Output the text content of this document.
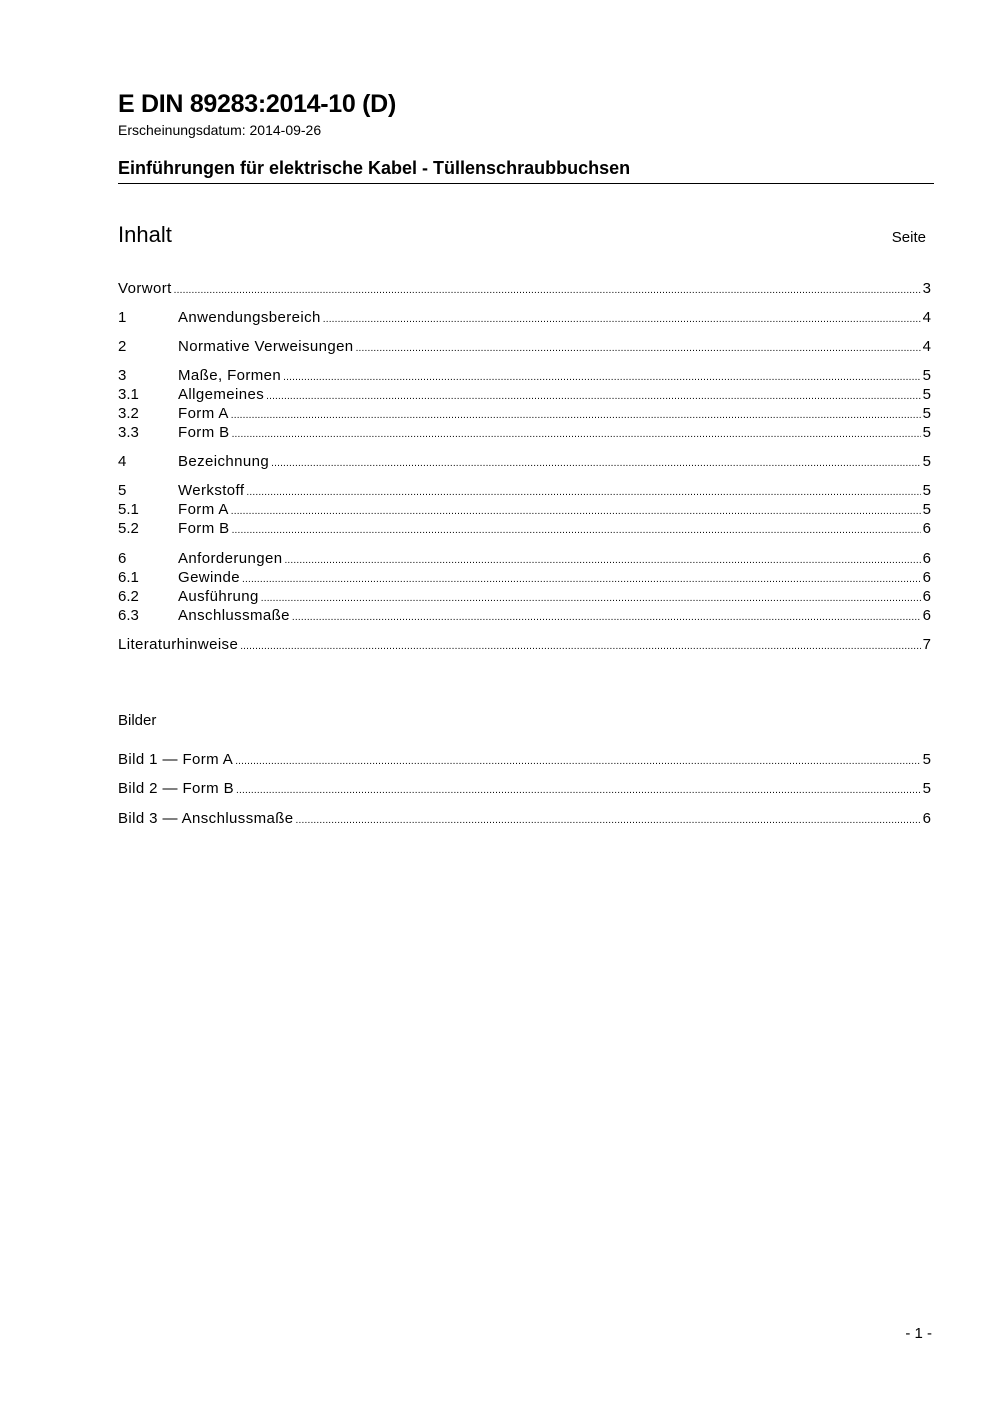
E DIN 89283:2014-10 (D)
Erscheinungsdatum: 2014-09-26
Einführungen für elektrische Kabel - Tüllenschraubbuchsen
Inhalt	Seite
Vorwort .....	3
1	Anwendungsbereich .....	4
2	Normative Verweisungen .....	4
3	Maße, Formen .....	5
3.1	Allgemeines .....	5
3.2	Form A .....	5
3.3	Form B .....	5
4	Bezeichnung .....	5
5	Werkstoff .....	5
5.1	Form A .....	5
5.2	Form B .....	6
6	Anforderungen .....	6
6.1	Gewinde .....	6
6.2	Ausführung .....	6
6.3	Anschlussmaße .....	6
Literaturhinweise .....	7
Bilder
Bild 1 — Form A .....	5
Bild 2 — Form B .....	5
Bild 3 — Anschlussmaße .....	6
- 1 -
